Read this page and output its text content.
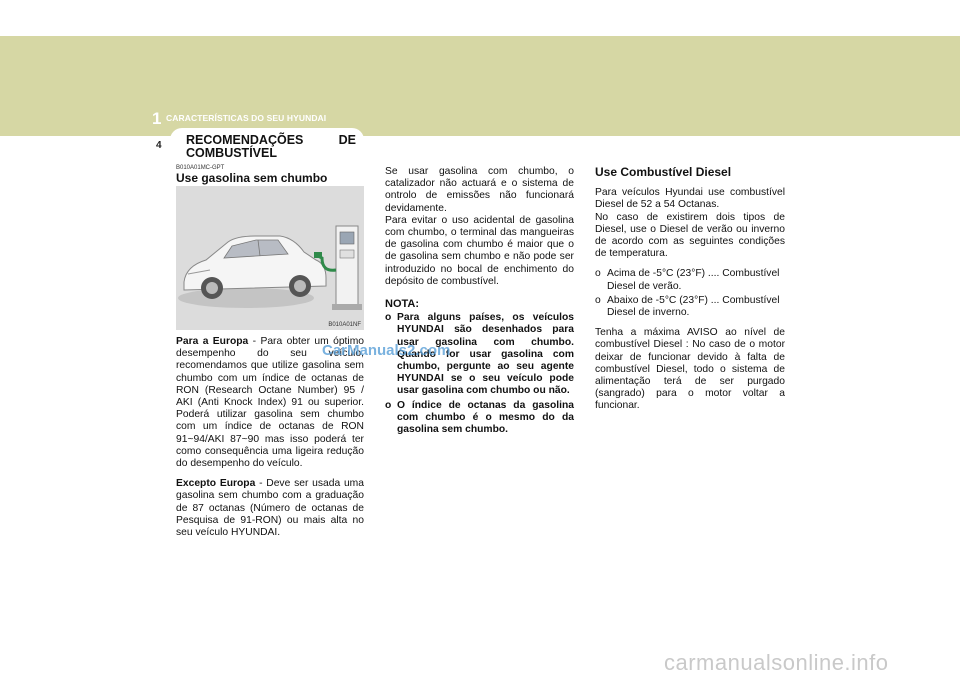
1 CARACTERÍSTICAS DO SEU HYUNDAI
4 RECOMENDAÇÕES	DE
COMBUSTÍVEL
B010A01MC-GPT
Use gasolina sem chumbo
B010A01NF

Para a Europa - Para obter um óptimo desempenho do seu veículo, recomendamos que utilize gasolina sem chumbo com um índice de octanas de RON (Research Octane Number) 95 / AKI (Anti Knock Index) 91 ou superior. Poderá utilizar gasolina sem chumbo com um índice de octanas de RON 91~94/AKI 87~90 mas isso poderá ter como consequência uma ligeira redução do desempenho do veículo.

Excepto Europa - Deve ser usada uma gasolina sem chumbo com a graduação de 87 octanas (Número de octanas de Pesquisa de 91-RON) ou mais alta no seu veículo HYUNDAI.

Se usar gasolina com chumbo, o catalizador não actuará e o sistema de ontrolo de emissões não funcionará devidamente.
Para evitar o uso acidental de gasolina com chumbo, o terminal das mangueiras de gasolina com chumbo é maior que o de gasolina sem chumbo e não pode ser introduzido no bocal de enchimento do depósito de combustível.
NOTA:
o Para alguns países, os veículos HYUNDAI são desenhados para usar gasolina com chumbo. Quando for usar gasolina com chumbo, pergunte ao seu agente HYUNDAI se o seu veículo pode usar gasolina com chumbo ou não.
o O índice de octanas da gasolina com chumbo é o mesmo do da gasolina sem chumbo.
Use Combustível Diesel
Para veículos Hyundai use combustível Diesel de 52 a 54 Octanas.
No caso de existirem dois tipos de Diesel, use o Diesel de verão ou inverno de acordo com as seguintes condições de temperatura.
o Acima de -5°C (23°F) .... Combustível Diesel de verão.
o Abaixo de -5°C (23°F) ... Combustível Diesel de inverno.
Tenha a máxima AVISO ao nível de combustível Diesel : No caso de o motor deixar de funcionar devido à falta de combustível Diesel, todo o sistema de alimentação terá de ser purgado (sangrado) para o motor voltar a funcionar.
CarManuals2.com
carmanualsonline.info
